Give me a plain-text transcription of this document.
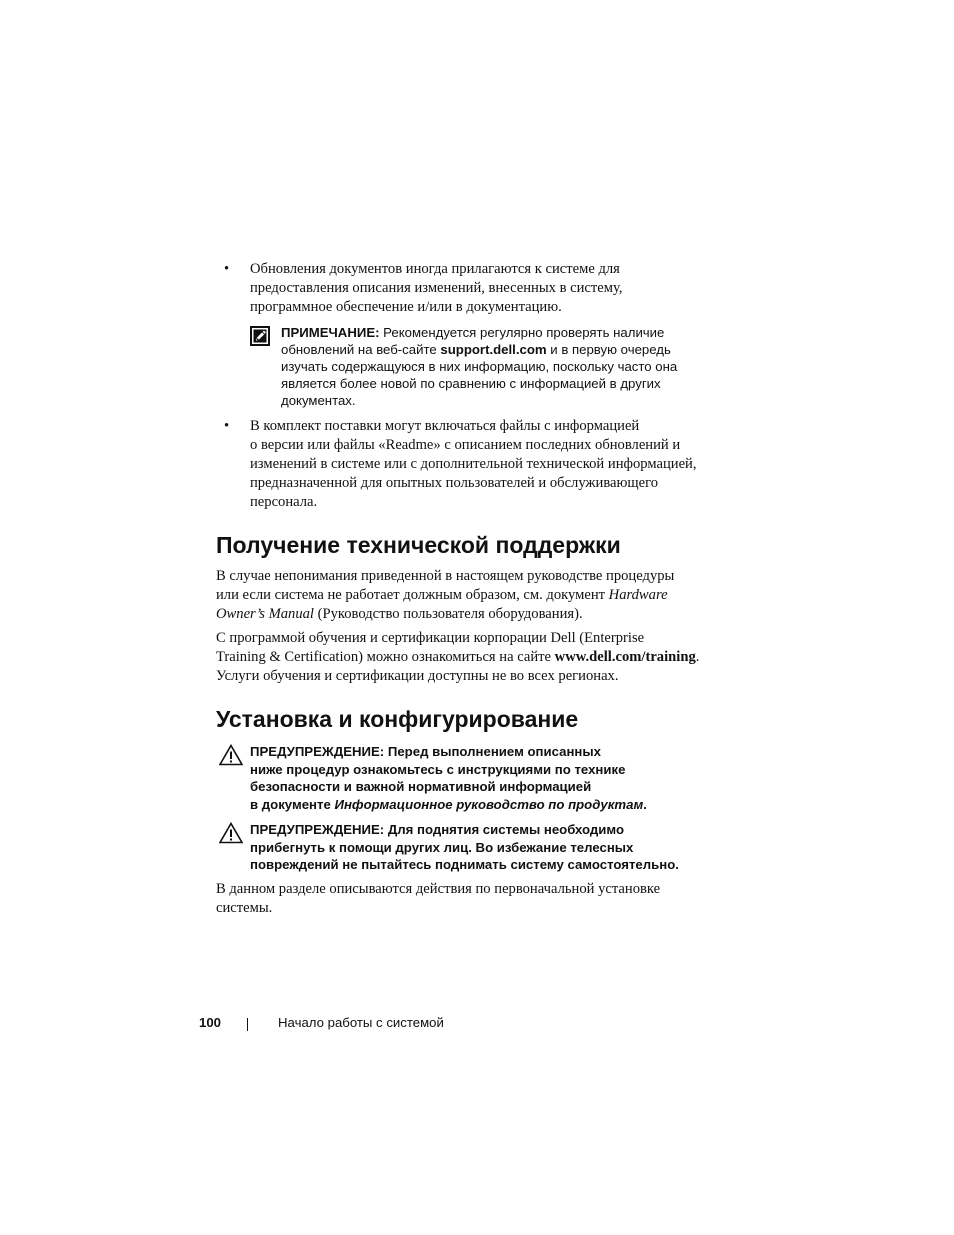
• Обновления документов иногда прилагаются к системе для
предоставления описания изменений, внесенных в систему,
программное обеспечение и/или в документацию.
ПРИМЕЧАНИЕ: Рекомендуется регулярно проверять наличие
обновлений на веб-сайте support.dell.com и в первую очередь
изучать содержащуюся в них информацию, поскольку часто она
является более новой по сравнению с информацией в других
документах.
• В комплект поставки могут включаться файлы с информацией
о версии или файлы «Readme» с описанием последних обновлений и
изменений в системе или с дополнительной технической информацией,
предназначенной для опытных пользователей и обслуживающего
персонала.
Получение технической поддержки
В случае непонимания приведенной в настоящем руководстве процедуры
или если система не работает должным образом, см. документ Hardware
Owner’s Manual (Руководство пользователя оборудования).
С программой обучения и сертификации корпорации Dell (Enterprise
Training & Certification) можно ознакомиться на сайте www.dell.com/training.
Услуги обучения и сертификации доступны не во всех регионах.
Установка и конфигурирование
ПРЕДУПРЕЖДЕНИЕ: Перед выполнением описанных
ниже процедур ознакомьтесь с инструкциями по технике
безопасности и важной нормативной информацией
в документе Информационное руководство по продуктам.
ПРЕДУПРЕЖДЕНИЕ: Для поднятия системы необходимо
прибегнуть к помощи других лиц. Во избежание телесных
повреждений не пытайтесь поднимать систему самостоятельно.
В данном разделе описываются действия по первоначальной установке
системы.
100	Начало работы с системой
